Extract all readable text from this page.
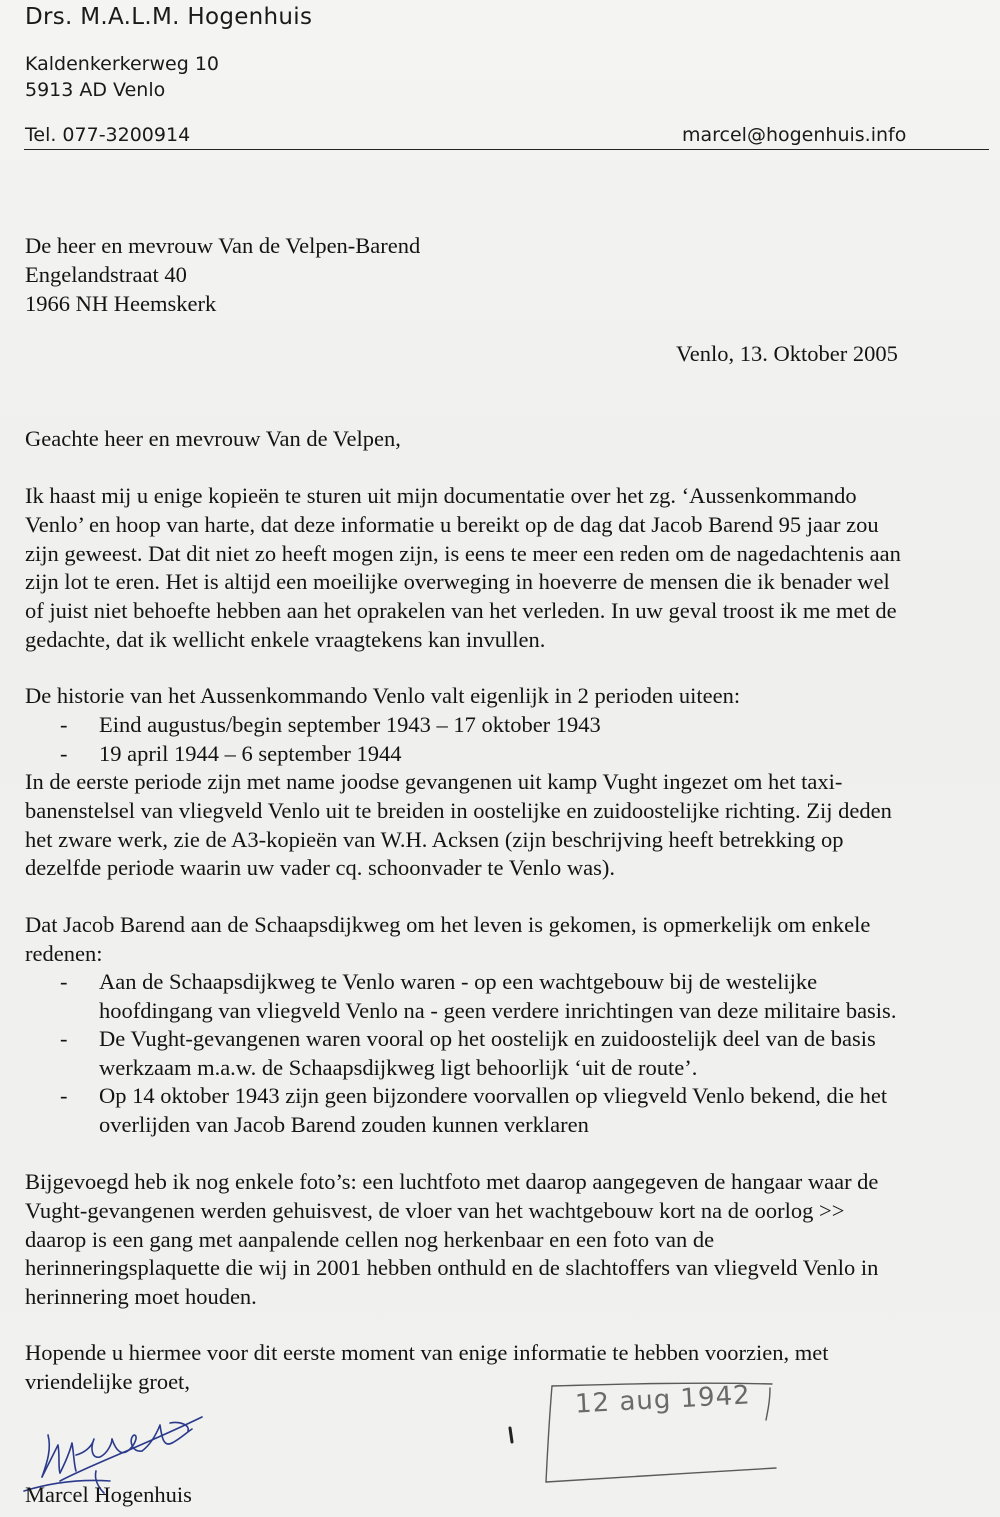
Drs. M.A.L.M. Hogenhuis
Kaldenkerkerweg 10
5913 AD Venlo
Tel. 077-3200914	marcel@hogenhuis.info
De heer en mevrouw Van de Velpen-Barend
Engelandstraat 40
1966 NH Heemskerk
Venlo, 13. Oktober 2005
Geachte heer en mevrouw Van de Velpen,
Ik haast mij u enige kopieën te sturen uit mijn documentatie over het zg. ‘Aussenkommando
Venlo’ en hoop van harte, dat deze informatie u bereikt op de dag dat Jacob Barend 95 jaar zou
zijn geweest. Dat dit niet zo heeft mogen zijn, is eens te meer een reden om de nagedachtenis aan
zijn lot te eren. Het is altijd een moeilijke overweging in hoeverre de mensen die ik benader wel
of juist niet behoefte hebben aan het oprakelen van het verleden. In uw geval troost ik me met de
gedachte, dat ik wellicht enkele vraagtekens kan invullen.
De historie van het Aussenkommando Venlo valt eigenlijk in 2 perioden uiteen:
- Eind augustus/begin september 1943 – 17 oktober 1943
- 19 april 1944 – 6 september 1944
In de eerste periode zijn met name joodse gevangenen uit kamp Vught ingezet om het taxi-
banenstelsel van vliegveld Venlo uit te breiden in oostelijke en zuidoostelijke richting. Zij deden
het zware werk, zie de A3-kopieën van W.H. Acksen (zijn beschrijving heeft betrekking op
dezelfde periode waarin uw vader cq. schoonvader te Venlo was).
Dat Jacob Barend aan de Schaapsdijkweg om het leven is gekomen, is opmerkelijk om enkele
redenen:
- Aan de Schaapsdijkweg te Venlo waren - op een wachtgebouw bij de westelijke
hoofdingang van vliegveld Venlo na - geen verdere inrichtingen van deze militaire basis.
- De Vught-gevangenen waren vooral op het oostelijk en zuidoostelijk deel van de basis
werkzaam m.a.w. de Schaapsdijkweg ligt behoorlijk ‘uit de route’.
- Op 14 oktober 1943 zijn geen bijzondere voorvallen op vliegveld Venlo bekend, die het
overlijden van Jacob Barend zouden kunnen verklaren
Bijgevoegd heb ik nog enkele foto’s: een luchtfoto met daarop aangegeven de hangaar waar de
Vught-gevangenen werden gehuisvest, de vloer van het wachtgebouw kort na de oorlog >>
daarop is een gang met aanpalende cellen nog herkenbaar en een foto van de
herinneringsplaquette die wij in 2001 hebben onthuld en de slachtoffers van vliegveld Venlo in
herinnering moet houden.
Hopende u hiermee voor dit eerste moment van enige informatie te hebben voorzien, met
vriendelijke groet,	12 aug 1942
Marcel Hogenhuis
